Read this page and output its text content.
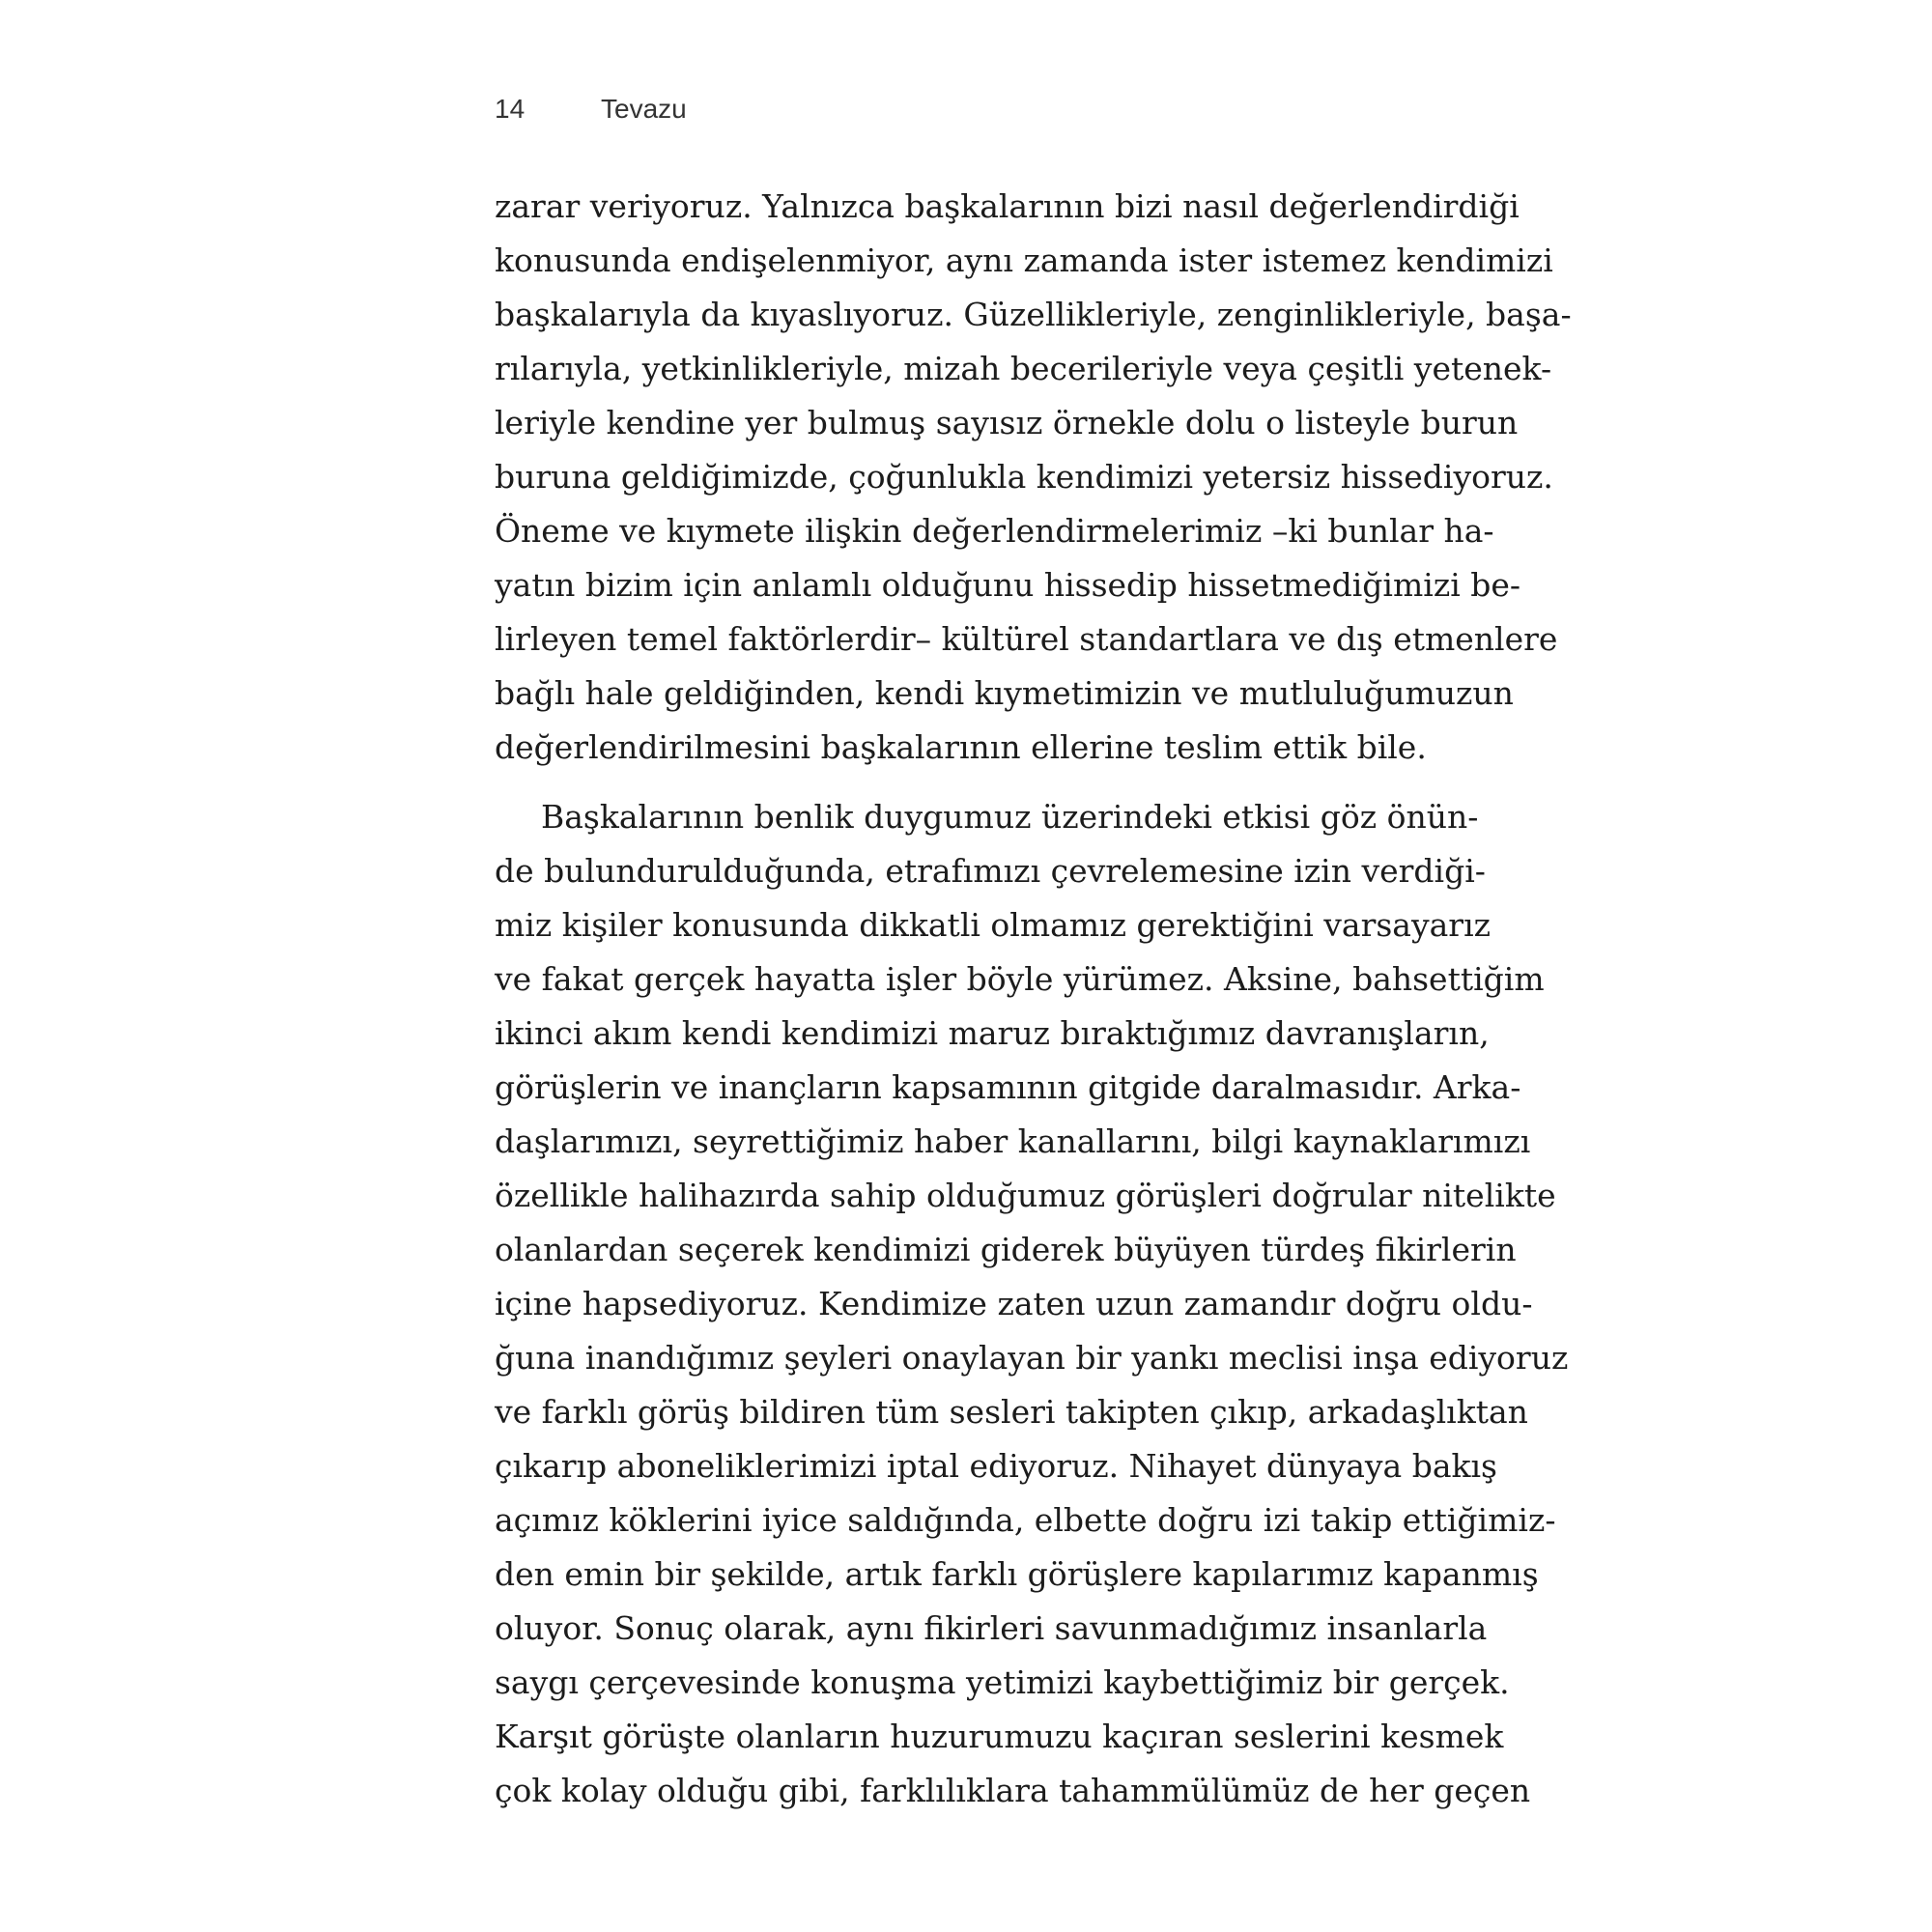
14	Tevazu
zarar veriyoruz. Yalnızca başkalarının bizi nasıl değerlendirdiği
konusunda endişelenmiyor, aynı zamanda ister istemez kendimizi
başkalarıyla da kıyaslıyoruz. Güzellikleriyle, zenginlikleriyle, başa-
rılarıyla, yetkinlikleriyle, mizah becerileriyle veya çeşitli yetenek-
leriyle kendine yer bulmuş sayısız örnekle dolu o listeyle burun
buruna geldiğimizde, çoğunlukla kendimizi yetersiz hissediyoruz.
Öneme ve kıymete ilişkin değerlendirmelerimiz –ki bunlar ha-
yatın bizim için anlamlı olduğunu hissedip hissetmediğimizi be-
lirleyen temel faktörlerdir– kültürel standartlara ve dış etmenlere
bağlı hale geldiğinden, kendi kıymetimizin ve mutluluğumuzun
değerlendirilmesini başkalarının ellerine teslim ettik bile.
Başkalarının benlik duygumuz üzerindeki etkisi göz önün-
de bulundurulduğunda, etrafımızı çevrelemesine izin verdiği-
miz kişiler konusunda dikkatli olmamız gerektiğini varsayarız
ve fakat gerçek hayatta işler böyle yürümez. Aksine, bahsettiğim
ikinci akım kendi kendimizi maruz bıraktığımız davranışların,
görüşlerin ve inançların kapsamının gitgide daralmasıdır. Arka-
daşlarımızı, seyrettiğimiz haber kanallarını, bilgi kaynaklarımızı
özellikle halihazırda sahip olduğumuz görüşleri doğrular nitelikte
olanlardan seçerek kendimizi giderek büyüyen türdeş fikirlerin
içine hapsediyoruz. Kendimize zaten uzun zamandır doğru oldu-
ğuna inandığımız şeyleri onaylayan bir yankı meclisi inşa ediyoruz
ve farklı görüş bildiren tüm sesleri takipten çıkıp, arkadaşlıktan
çıkarıp aboneliklerimizi iptal ediyoruz. Nihayet dünyaya bakış
açımız köklerini iyice saldığında, elbette doğru izi takip ettiğimiz-
den emin bir şekilde, artık farklı görüşlere kapılarımız kapanmış
oluyor. Sonuç olarak, aynı fikirleri savunmadığımız insanlarla
saygı çerçevesinde konuşma yetimizi kaybettiğimiz bir gerçek.
Karşıt görüşte olanların huzurumuzu kaçıran seslerini kesmek
çok kolay olduğu gibi, farklılıklara tahammülümüz de her geçen
